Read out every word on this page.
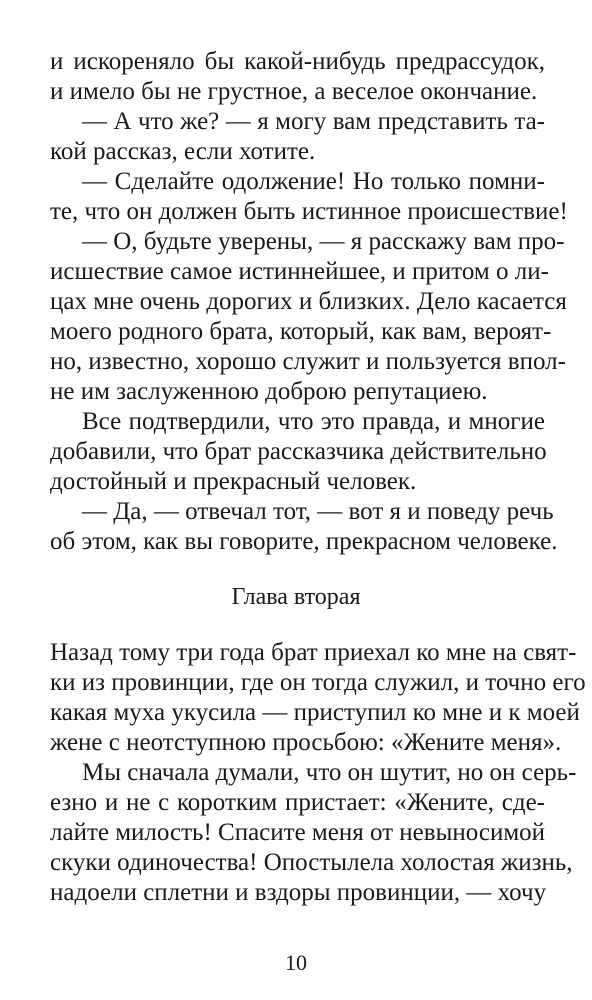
и искореняло бы какой-нибудь предрассудок,
и имело бы не грустное, а веселое окончание.
— А что же? — я могу вам представить та-
кой рассказ, если хотите.
— Сделайте одолжение! Но только помни-
те, что он должен быть истинное происшествие!
— О, будьте уверены, — я расскажу вам про-
исшествие самое истиннейшее, и притом о ли-
цах мне очень дорогих и близких. Дело касается
моего родного брата, который, как вам, вероят-
но, известно, хорошо служит и пользуется впол-
не им заслуженною доброю репутациею.
Все подтвердили, что это правда, и многие
добавили, что брат рассказчика действительно
достойный и прекрасный человек.
— Да, — отвечал тот, — вот я и поведу речь
об этом, как вы говорите, прекрасном человеке.
Глава вторая
Назад тому три года брат приехал ко мне на свят-
ки из провинции, где он тогда служил, и точно его
какая муха укусила — приступил ко мне и к моей
жене с неотступною просьбою: «Жените меня».
Мы сначала думали, что он шутит, но он серь-
езно и не с коротким пристает: «Жените, сде-
лайте милость! Спасите меня от невыносимой
скуки одиночества! Опостылела холостая жизнь,
надоели сплетни и вздоры провинции, — хочу
10
